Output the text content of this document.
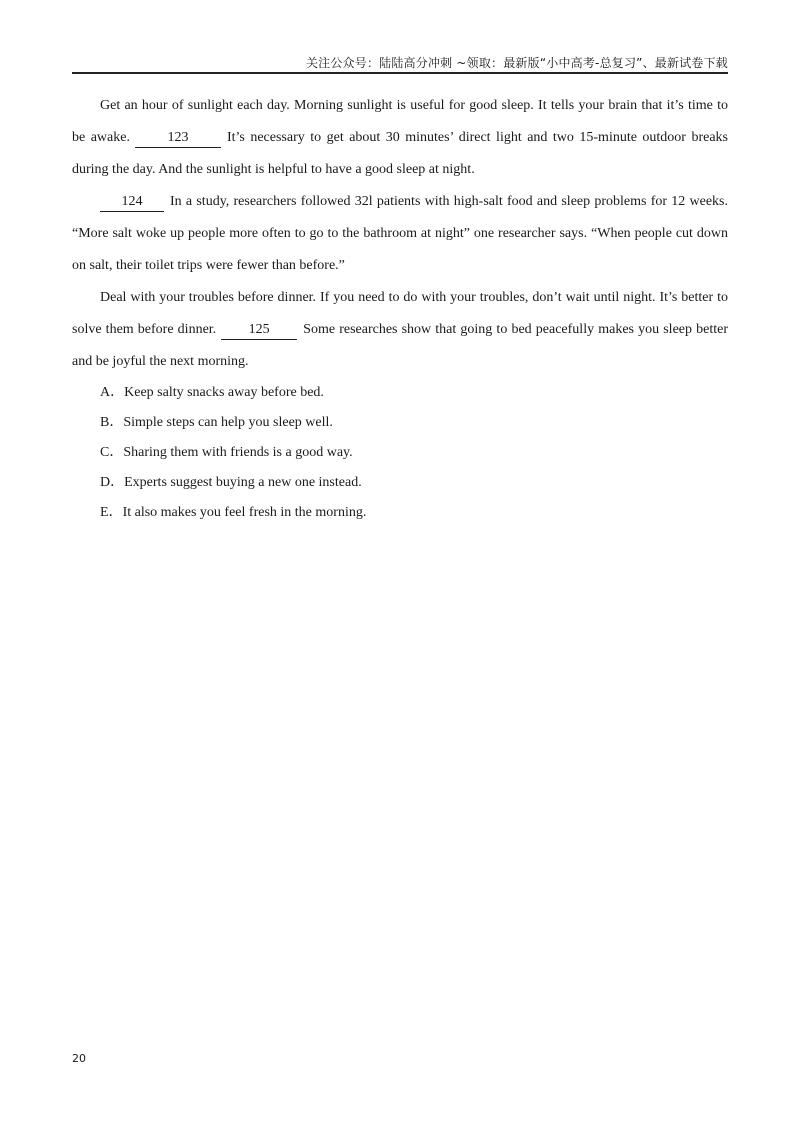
关注公众号：陆陆高分冲刺 ~领取：最新版“小中高考-总复习”、最新试卷下载

Get an hour of sunlight each day. Morning sunlight is useful for good sleep. It tells your brain that it’s time to be awake.	123	It’s necessary to get about 30 minutes’ direct light and two 15-minute outdoor breaks during the day. And the sunlight is helpful to have a good sleep at night.

124 In a study, researchers followed 32l patients with high-salt food and sleep problems for 12 weeks. “More salt woke up people more often to go to the bathroom at night” one researcher says. “When people cut down on salt, their toilet trips were fewer than before.”

Deal with your troubles before dinner. If you need to do with your troubles, don’t wait until night. It’s better to solve them before dinner. 125 Some researches show that going to bed peacefully makes you sleep better and be joyful the next morning.

A．Keep salty snacks away before bed.
B．Simple steps can help you sleep well.
C．Sharing them with friends is a good way.
D．Experts suggest buying a new one instead.
E．It also makes you feel fresh in the morning.
20
